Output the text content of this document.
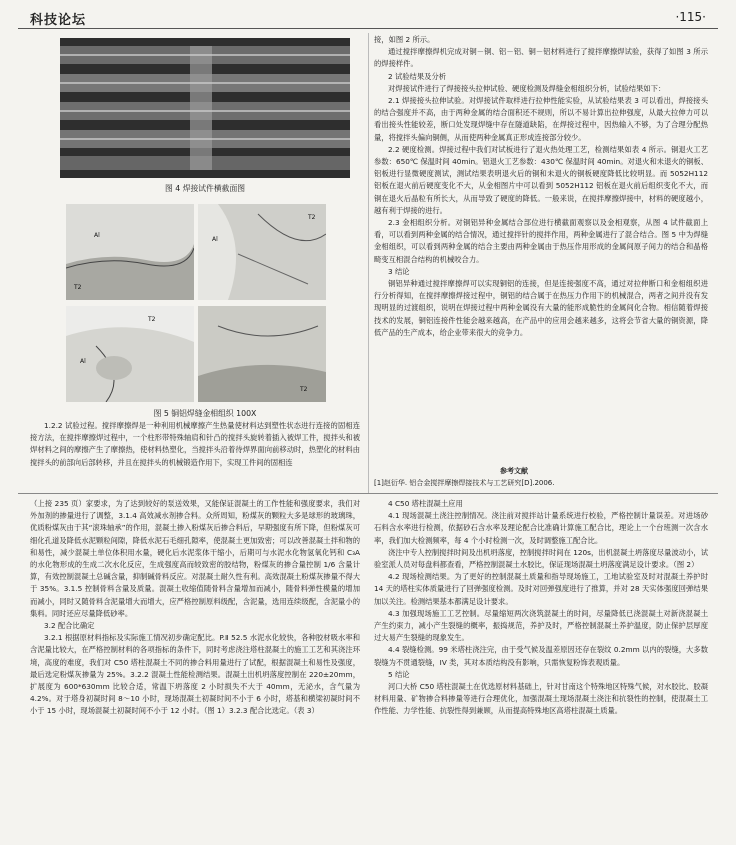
科技论坛	·115·
图 4 焊接试件横截面图
Al
T2
T2
Al
T2
Al
T2
图 5 铜铝焊缝金相组织 100X

1.2.2 试验过程。搅拌摩擦焊是一种利用机械摩擦产生热量使材料达到塑性状态进行连接的固相连接方法，在搅拌摩擦焊过程中，一个柱形带特殊轴肩和针凸的搅拌头旋转着插入被焊工件，搅拌头和被焊材料之间的摩擦产生了摩擦热，使材料热塑化，当搅拌头沿着待焊界面向前移动时，热塑化的材料由搅拌头的前部向后部转移，并且在搅拌头的机械锻造作用下，实现工件间的固相连

接，如图 2 所示。

通过搅拌摩擦焊机完成对铜－铜、铝－铝、铜－铝材料进行了搅拌摩擦焊试验，获得了如图 3 所示的焊接样件。

2 试验结果及分析

对焊接试件进行了焊接接头拉伸试验、硬度检测及焊缝金相组织分析，试验结果如下：

2.1 焊接接头拉伸试验。对焊接试件取样进行拉伸性能实验，从试验结果表 3 可以看出，焊接接头的结合强度并不高，由于两种金属的结合面积还不规则，所以不易计算出拉伸强度，从最大拉伸力可以看出接头性能较差，断口处发现焊缝中存在隧道缺陷，在焊接过程中，因热输入不够，为了合理分配热量，将搅拌头偏向铜侧，从而使两种金属真正形成连接部分较少。

2.2 硬度检测。焊接过程中我们对试板进行了退火热处理工艺，检测结果如表 4 所示。铜退火工艺参数：650℃ 保温时间 40min。铝退火工艺参数：430℃ 保温时间 40min。对退火和未退火的铜板、铝板进行显微硬度测试，测试结果表明退火后的铜和未退火的铜板硬度降低比较明显。而 5052H112 铝板在退火前后硬度变化不大，从金相图片中可以看到 5052H112 铝板在退火前后组织变化不大，而铜在退火后晶粒有所长大，从而导致了硬度的降低。一般来说，在搅拌摩擦焊接中，材料的硬度越小，越有利于焊接的进行。

2.3 金相组织分析。对铜铝异种金属结合部位进行横截面观察以及金相观察，从图 4 试件截面上看，可以看到两种金属的结合情况，通过搅拌针的搅拌作用，两种金属进行了混合结合。图 5 中为焊缝金相组织，可以看到两种金属的结合主要由两种金属由于热压作用形成的金属间原子间力的结合和晶格畸变互相混合结构的机械咬合力。

3 结论

铜铝异种通过搅拌摩擦焊可以实现铜铝的连接，但是连接强度不高，通过对拉伸断口和金相组织进行分析得知，在搅拌摩擦焊接过程中，铜铝的结合属于在热压力作用下的机械混合，两者之间并没有发现明显的过渡组织，说明在焊接过程中两种金属没有大量的能形成脆性的金属间化合物。相信随着焊接技术的发展，铜铝连接件性能会越来越高，在产品中的应用会越来越多，这将会节省大量的铜资源，降低产品的生产成本，给企业带来很大的竞争力。

参考文献
[1]赵衍华. 铝合金搅拌摩擦焊接技术与工艺研究[D].2006.

（上接 235 页）家要求，为了达到较好的泵送效果，又能保证混凝土的工作性能和强度要求，我们对外加剂的掺量进行了调整，3.1.4 高效减水剂掺合料。众所周知，粉煤灰的颗粒大多是球形的玻璃珠，优质粉煤灰由于其“滚珠轴承”的作用，混凝土掺入粉煤灰后掺合料后，早期强度有所下降，但粉煤灰可细化孔道及降低水泥颗粒间隙，降低水泥石毛细孔隙率，使混凝土更加致密；可以改善混凝土拌和物的和易性，减少混凝土单位体积用水量，硬化后水泥浆体干缩小，后期可与水泥水化物氢氧化钙和 C₃A 的水化物形成的生成二次水化反应，生成强度高而较致密的胶结物，粉煤灰的掺合量控制 1/6 含量计算，有效控制混凝土总碱含量，抑制碱骨料反应。对混凝土耐久性有利。高效混凝土粉煤灰掺量不得大于 35%。3.1.5 控制骨料含量及质量。混凝土收缩值随骨料含量增加而减小，随骨料弹性模量的增加而减小，同时又随骨料含泥量增大而增大，应严格控制原料级配，含泥量，选用连续级配，含泥量小的集料。同时还应尽量降低砂率。

3.2 配合比确定

3.2.1 根据原材料指标及实际施工情况初步确定配比。P.Ⅱ 52.5 水泥水化较快，各种胶材吸水率和含泥量比较大，在严格控制材料的各项指标的条件下，同时考虑浇注塔柱混凝土的施工工艺和其浇注环境，高度的难度，我们对 C50 塔柱混凝土不同的掺合料用量进行了试配，根据混凝土和易性及强度，最后选定粉煤灰掺量为 25%。3.2.2 混凝土性能检测结果。混凝土出机坍落度控制在 220±20mm，扩展度为 600*630mm 比较合适，常温下坍落度 2 小时损失不大于 40mm，无泌水，含气量为 4.2%。对于塔身初凝时间 8～10 小时，现场混凝土初凝时间不小于 6 小时，塔基和横梁初凝时间不小于 15 小时，现场混凝土初凝时间不小于 12 小时。（图 1）3.2.3 配合比选定。（表 3）

4 C50 塔柱混凝土应用

4.1 现场混凝土浇注控制情况。浇注前对搅拌站计量系统进行校验，严格控制计量误差。对进场砂石料含水率进行检测，依据砂石含水率及理论配合比准确计算施工配合比，理论上一个台班测一次含水率，我们加大检测频率，每 4 个小时检测一次，及时调整施工配合比。

浇注中专人控制搅拌时间及出机坍落度，控制搅拌时间在 120s，出机混凝土坍落度尽量波动小，试验室派人员对每盘料都查看，严格控制混凝土水胶比，保证现场混凝土坍落度满足设计要求。（图 2）

4.2 现场检测结果。为了更好的控制混凝土质量和指导现场施工，工地试验室及时对混凝土养护时 14 天的塔柱实体质量进行了回弹强度检测。及时对回弹强度进行了推算，并对 28 天实体强度回弹结果加以关注。检测结果基本都满足设计要求。

4.3 加强现场施工工艺控制。尽量缩短两次浇筑混凝土的时间，尽量降低已浇混凝土对新浇混凝土产生约束力，减小产生裂缝的概率，振捣规范，养护及时，严格控制混凝土养护温度，防止保护层厚度过大易产生裂缝的现象发生。

4.4 裂缝检测。99 米塔柱浇注完，由于受气候及温差原因还存在裂纹 0.2mm 以内的裂缝，大多数裂缝为不贯通裂缝，IV 类，其对本质结构没有影响，只需恢复粉饰表观质量。

5 结论

河口大桥 C50 塔柱混凝土在优选原材料基础上，针对甘南这个特殊地区特殊气候，对水胶比、胶凝材料用量、矿物掺合料掺量等进行合理优化，加强混凝土现场混凝土浇注和抗裂性的控制，使混凝土工作性能、力学性能、抗裂性得到兼顾，从而提高特殊地区高塔柱混凝土质量。
